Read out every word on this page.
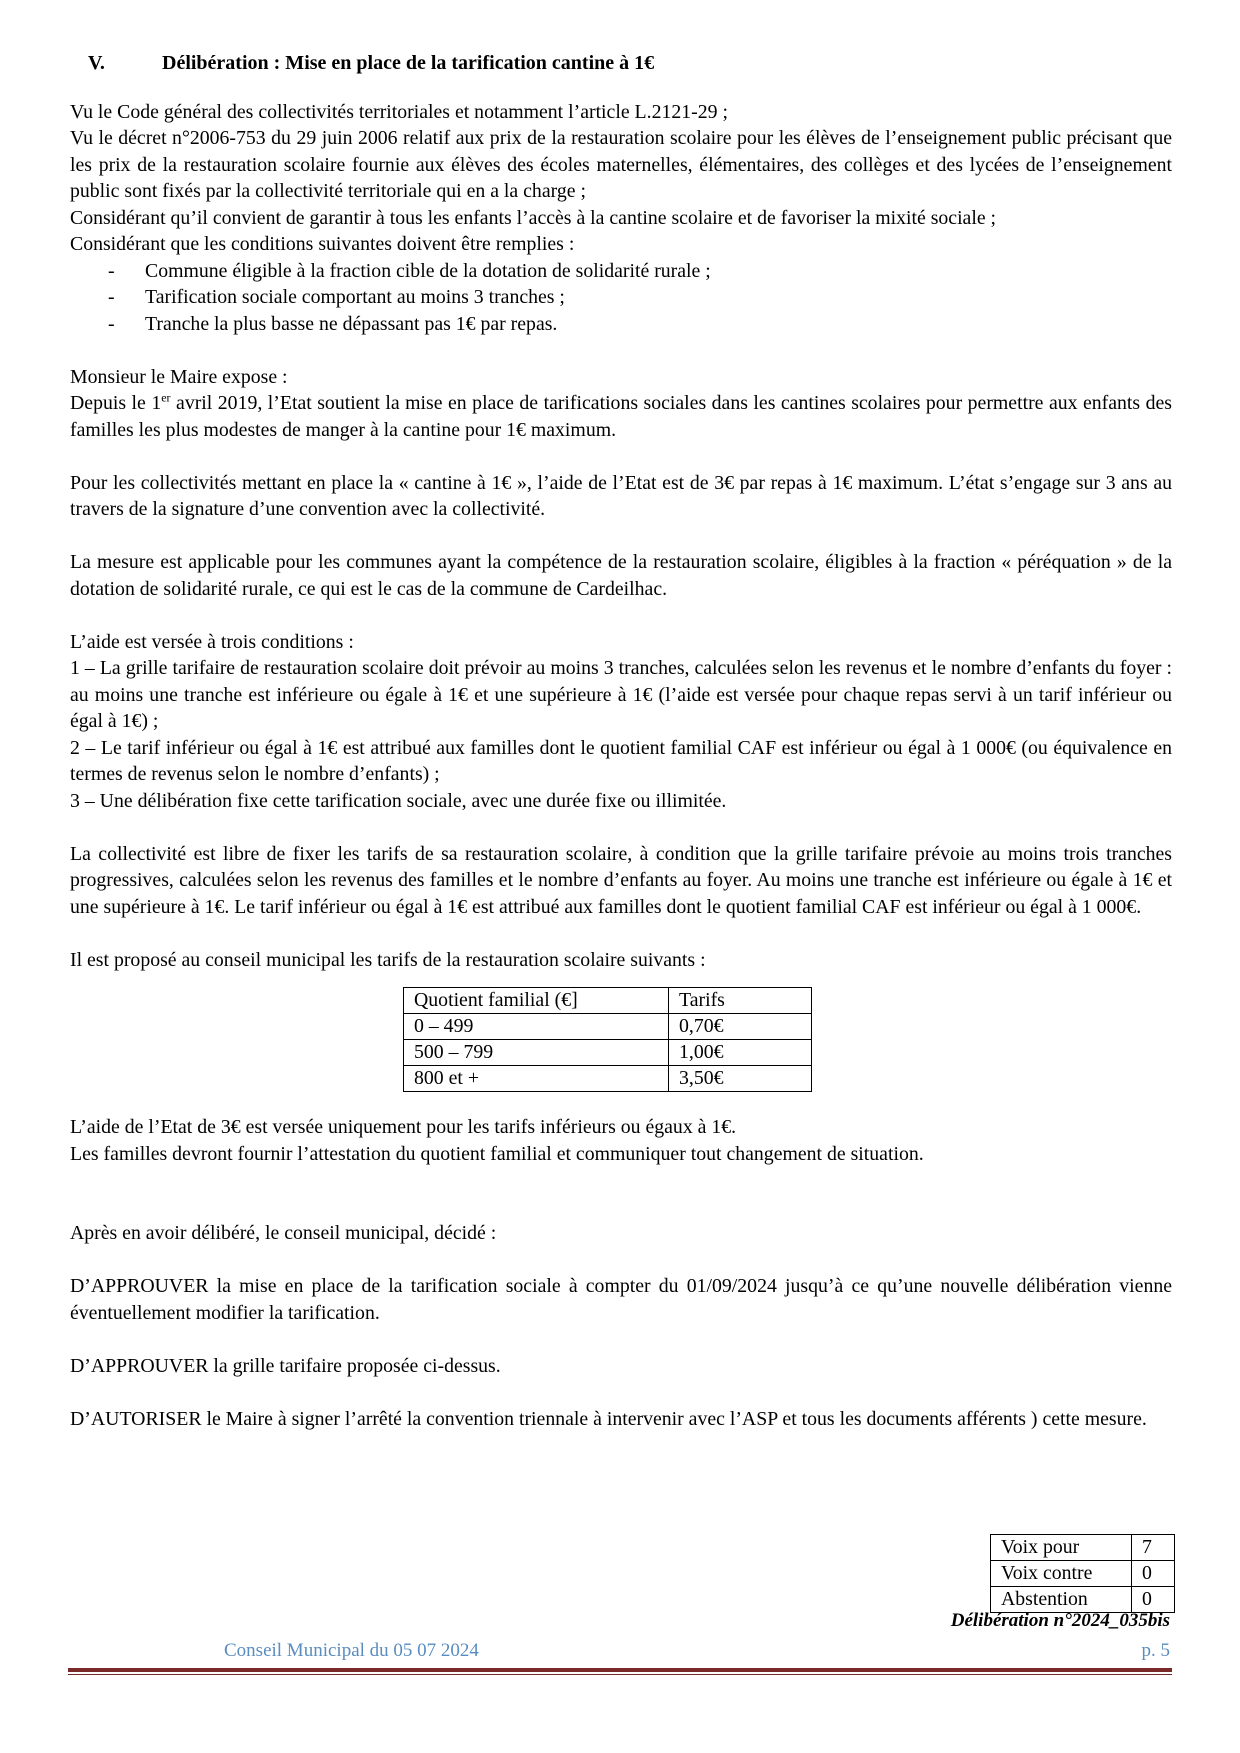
V.	Délibération : Mise en place de la tarification cantine à 1€

Vu le Code général des collectivités territoriales et notamment l’article L.2121-29 ;

Vu le décret n°2006-753 du 29 juin 2006 relatif aux prix de la restauration scolaire pour les élèves de l’enseignement public précisant que les prix de la restauration scolaire fournie aux élèves des écoles maternelles, élémentaires, des collèges et des lycées de l’enseignement public sont fixés par la collectivité territoriale qui en a la charge ;

Considérant qu’il convient de garantir à tous les enfants l’accès à la cantine scolaire et de favoriser la mixité sociale ;

Considérant que les conditions suivantes doivent être remplies :

-	Commune éligible à la fraction cible de la dotation de solidarité rurale ;
-	Tarification sociale comportant au moins 3 tranches ;
-	Tranche la plus basse ne dépassant pas 1€ par repas.

Monsieur le Maire expose :

Depuis le 1er avril 2019, l’Etat soutient la mise en place de tarifications sociales dans les cantines scolaires pour permettre aux enfants des familles les plus modestes de manger à la cantine pour 1€ maximum.

Pour les collectivités mettant en place la « cantine à 1€ », l’aide de l’Etat est de 3€ par repas à 1€ maximum. L’état s’engage sur 3 ans au travers de la signature d’une convention avec la collectivité.

La mesure est applicable pour les communes ayant la compétence de la restauration scolaire, éligibles à la fraction « péréquation » de la dotation de solidarité rurale, ce qui est le cas de la commune de Cardeilhac.

L’aide est versée à trois conditions :

1 – La grille tarifaire de restauration scolaire doit prévoir au moins 3 tranches, calculées selon les revenus et le nombre d’enfants du foyer : au moins une tranche est inférieure ou égale à 1€ et une supérieure à 1€ (l’aide est versée pour chaque repas servi à un tarif inférieur ou égal à 1€) ;

2 – Le tarif inférieur ou égal à 1€ est attribué aux familles dont le quotient familial CAF est inférieur ou égal à 1 000€ (ou équivalence en termes de revenus selon le nombre d’enfants) ;

3 – Une délibération fixe cette tarification sociale, avec une durée fixe ou illimitée.

La collectivité est libre de fixer les tarifs de sa restauration scolaire, à condition que la grille tarifaire prévoie au moins trois tranches progressives, calculées selon les revenus des familles et le nombre d’enfants au foyer. Au moins une tranche est inférieure ou égale à 1€ et une supérieure à 1€. Le tarif inférieur ou égal à 1€ est attribué aux familles dont le quotient familial CAF est inférieur ou égal à 1 000€.

Il est proposé au conseil municipal les tarifs de la restauration scolaire suivants :

Quotient familial (€]	Tarifs
0 – 499	0,70€
500 – 799	1,00€
800 et +	3,50€

L’aide de l’Etat de 3€ est versée uniquement pour les tarifs inférieurs ou égaux à 1€.

Les familles devront fournir l’attestation du quotient familial et communiquer tout changement de situation.

Après en avoir délibéré, le conseil municipal, décidé :

D’APPROUVER la mise en place de la tarification sociale à compter du 01/09/2024 jusqu’à ce qu’une nouvelle délibération vienne éventuellement modifier la tarification.

D’APPROUVER la grille tarifaire proposée ci-dessus.

D’AUTORISER le Maire à signer l’arrêté la convention triennale à intervenir avec l’ASP et tous les documents afférents ) cette mesure.

Voix pour	7
Voix contre	0
Abstention	0
Délibération n°2024_035bis
Conseil Municipal du 05 07 2024	p. 5
